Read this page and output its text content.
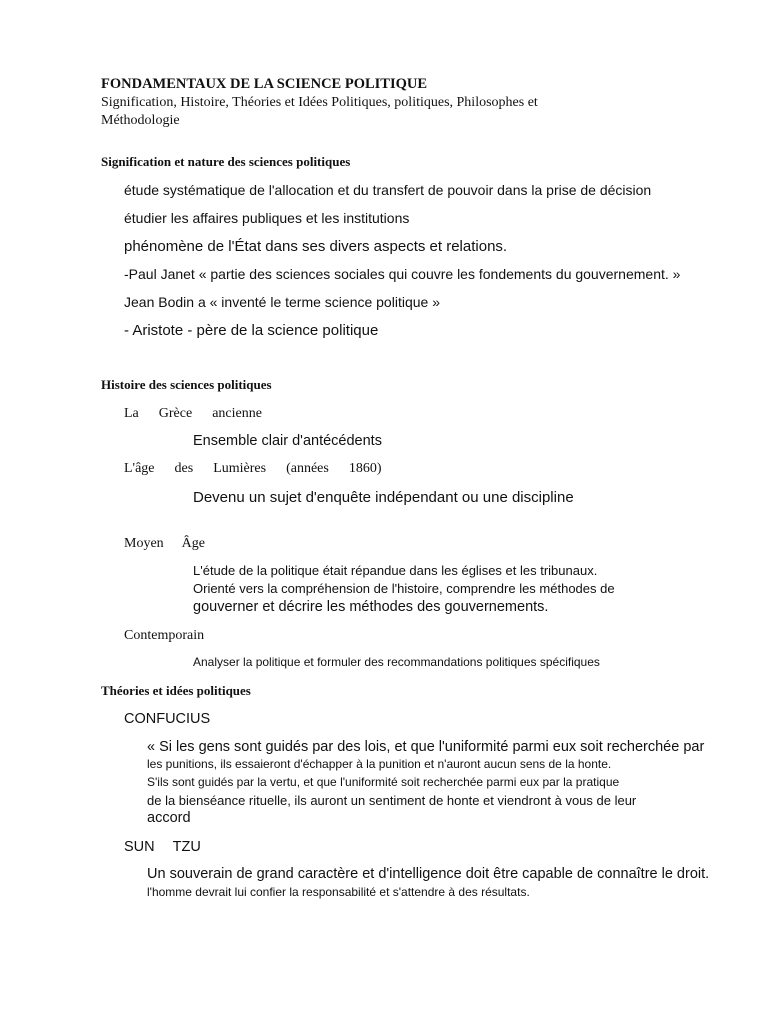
FONDAMENTAUX DE LA SCIENCE POLITIQUE
Signification, Histoire, Théories et Idées Politiques, politiques, Philosophes et Méthodologie
Signification et nature des sciences politiques
étude systématique de l'allocation et du transfert de pouvoir dans la prise de décision
étudier les affaires publiques et les institutions
phénomène de l'État dans ses divers aspects et relations.
-Paul Janet « partie des sciences sociales qui couvre les fondements du gouvernement. »
Jean Bodin a « inventé le terme science politique »
- Aristote - père de la science politique
Histoire des sciences politiques
La Grèce ancienne
Ensemble clair d'antécédents
L'âge des Lumières (années 1860)
Devenu un sujet d'enquête indépendant ou une discipline
Moyen Âge
L'étude de la politique était répandue dans les églises et les tribunaux.
Orienté vers la compréhension de l'histoire, comprendre les méthodes de
gouverner et décrire les méthodes des gouvernements.
Contemporain
Analyser la politique et formuler des recommandations politiques spécifiques
Théories et idées politiques
CONFUCIUS
« Si les gens sont guidés par des lois, et que l'uniformité parmi eux soit recherchée par
les punitions, ils essaieront d'échapper à la punition et n'auront aucun sens de la honte.
S'ils sont guidés par la vertu, et que l'uniformité soit recherchée parmi eux par la pratique
de la bienséance rituelle, ils auront un sentiment de honte et viendront à vous de leur
accord
SUN TZU
Un souverain de grand caractère et d'intelligence doit être capable de connaître le droit.
l'homme devrait lui confier la responsabilité et s'attendre à des résultats.
